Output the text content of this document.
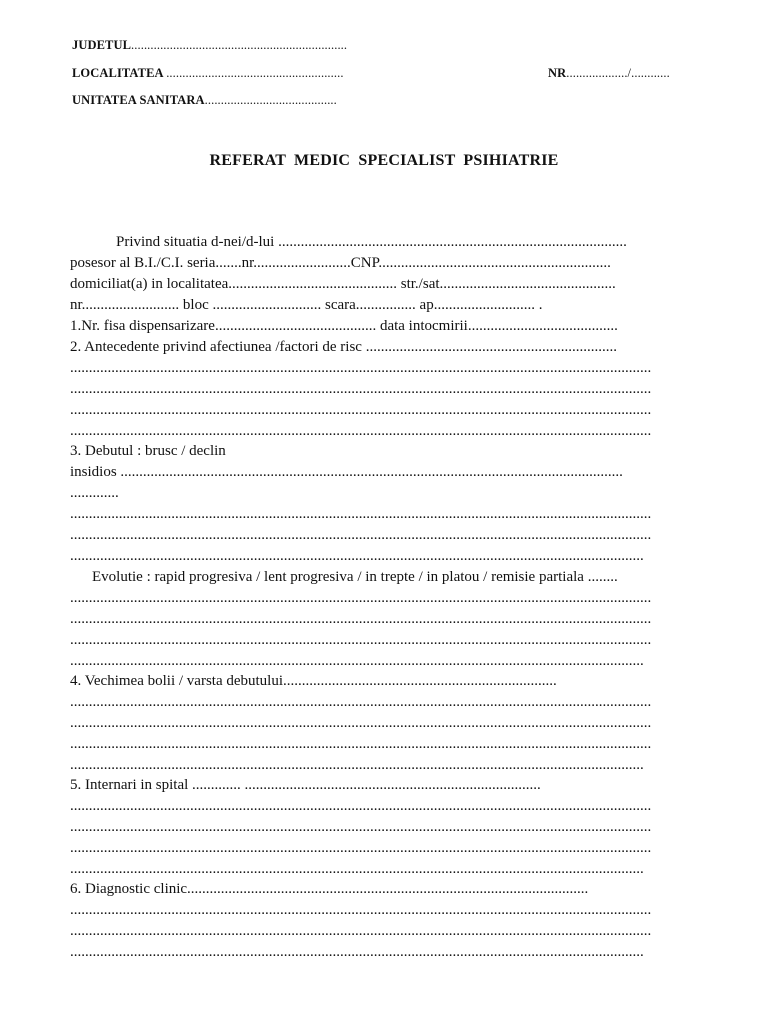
JUDETUL...................................................................
LOCALITATEA .......................................................	NR.................../............
UNITATEA SANITARA.........................................
REFERAT MEDIC SPECIALIST PSIHIATRIE
Privind situatia d-nei/d-lui .............................................................................................
posesor al B.I./C.I. seria.......nr..........................CNP..............................................................
domiciliat(a) in localitatea............................................. str./sat...............................................
nr.......................... bloc ............................. scara................ ap........................... .
1.Nr. fisa dispensarizare........................................... data intocmirii........................................
2. Antecedente privind afectiunea /factori de risc ...................................................................
...........................................................................................................................................................
...........................................................................................................................................................
...........................................................................................................................................................
...........................................................................................................................................................
3. Debutul : brusc / declin
insidios ......................................................................................................................................
.............
...........................................................................................................................................................
...........................................................................................................................................................
.........................................................................................................................................................
Evolutie : rapid progresiva / lent progresiva / in trepte / in platou / remisie partiala ........
...........................................................................................................................................................
...........................................................................................................................................................
...........................................................................................................................................................
.........................................................................................................................................................
4. Vechimea bolii / varsta debutului.........................................................................
...........................................................................................................................................................
...........................................................................................................................................................
...........................................................................................................................................................
.........................................................................................................................................................
5. Internari in spital ............. ...............................................................................
...........................................................................................................................................................
...........................................................................................................................................................
...........................................................................................................................................................
.........................................................................................................................................................
6. Diagnostic clinic...........................................................................................................
...........................................................................................................................................................
...........................................................................................................................................................
.........................................................................................................................................................
